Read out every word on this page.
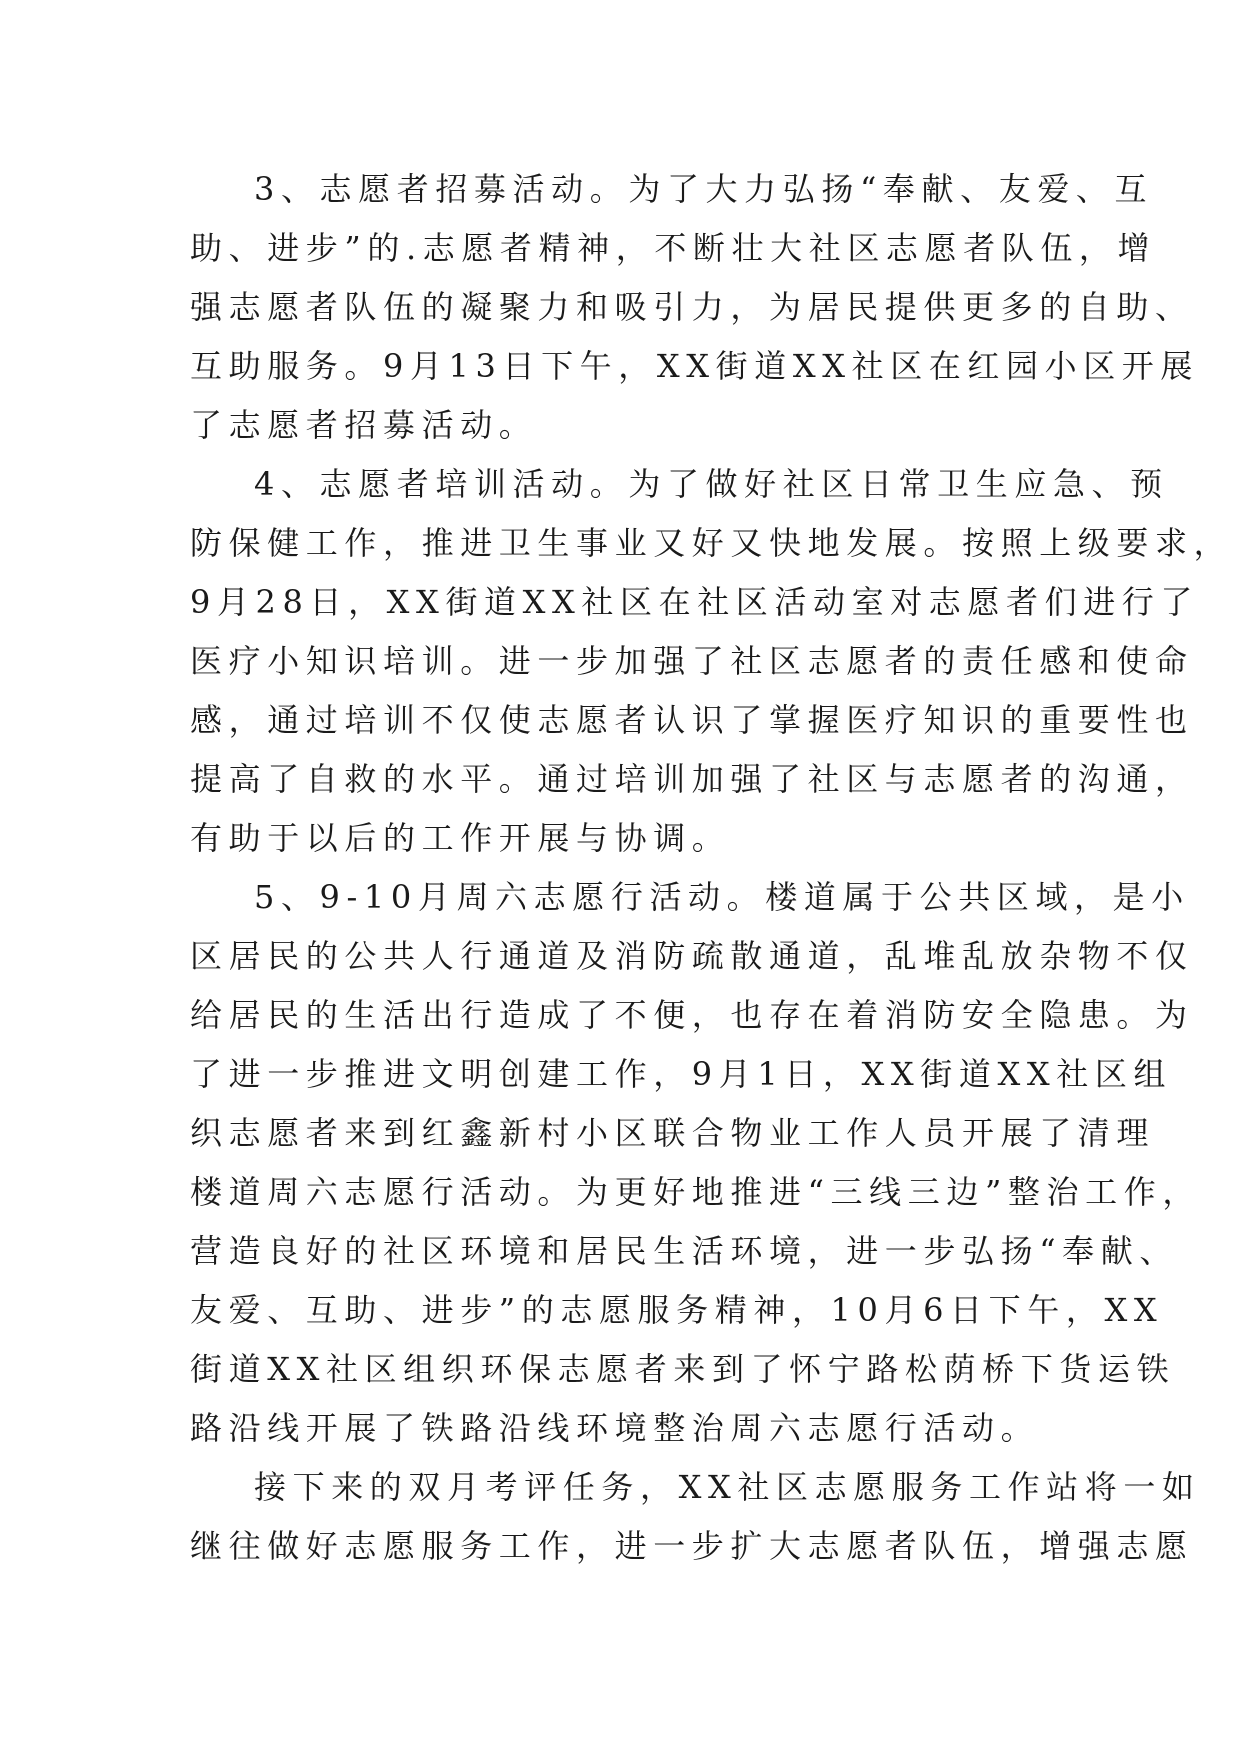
3、志愿者招募活动。为了大力弘扬“奉献、友爱、互
助、进步”的.志愿者精神，不断壮大社区志愿者队伍，增
强志愿者队伍的凝聚力和吸引力，为居民提供更多的自助、
互助服务。9月13日下午，XX街道XX社区在红园小区开展
了志愿者招募活动。
4、志愿者培训活动。为了做好社区日常卫生应急、预
防保健工作，推进卫生事业又好又快地发展。按照上级要求，
9月28日，XX街道XX社区在社区活动室对志愿者们进行了
医疗小知识培训。进一步加强了社区志愿者的责任感和使命
感，通过培训不仅使志愿者认识了掌握医疗知识的重要性也
提高了自救的水平。通过培训加强了社区与志愿者的沟通，
有助于以后的工作开展与协调。
5、9-10月周六志愿行活动。楼道属于公共区域，是小
区居民的公共人行通道及消防疏散通道，乱堆乱放杂物不仅
给居民的生活出行造成了不便，也存在着消防安全隐患。为
了进一步推进文明创建工作，9月1日，XX街道XX社区组
织志愿者来到红鑫新村小区联合物业工作人员开展了清理
楼道周六志愿行活动。为更好地推进“三线三边”整治工作，
营造良好的社区环境和居民生活环境，进一步弘扬“奉献、
友爱、互助、进步”的志愿服务精神，10月6日下午，XX
街道XX社区组织环保志愿者来到了怀宁路松荫桥下货运铁
路沿线开展了铁路沿线环境整治周六志愿行活动。
接下来的双月考评任务，XX社区志愿服务工作站将一如
继往做好志愿服务工作，进一步扩大志愿者队伍，增强志愿
